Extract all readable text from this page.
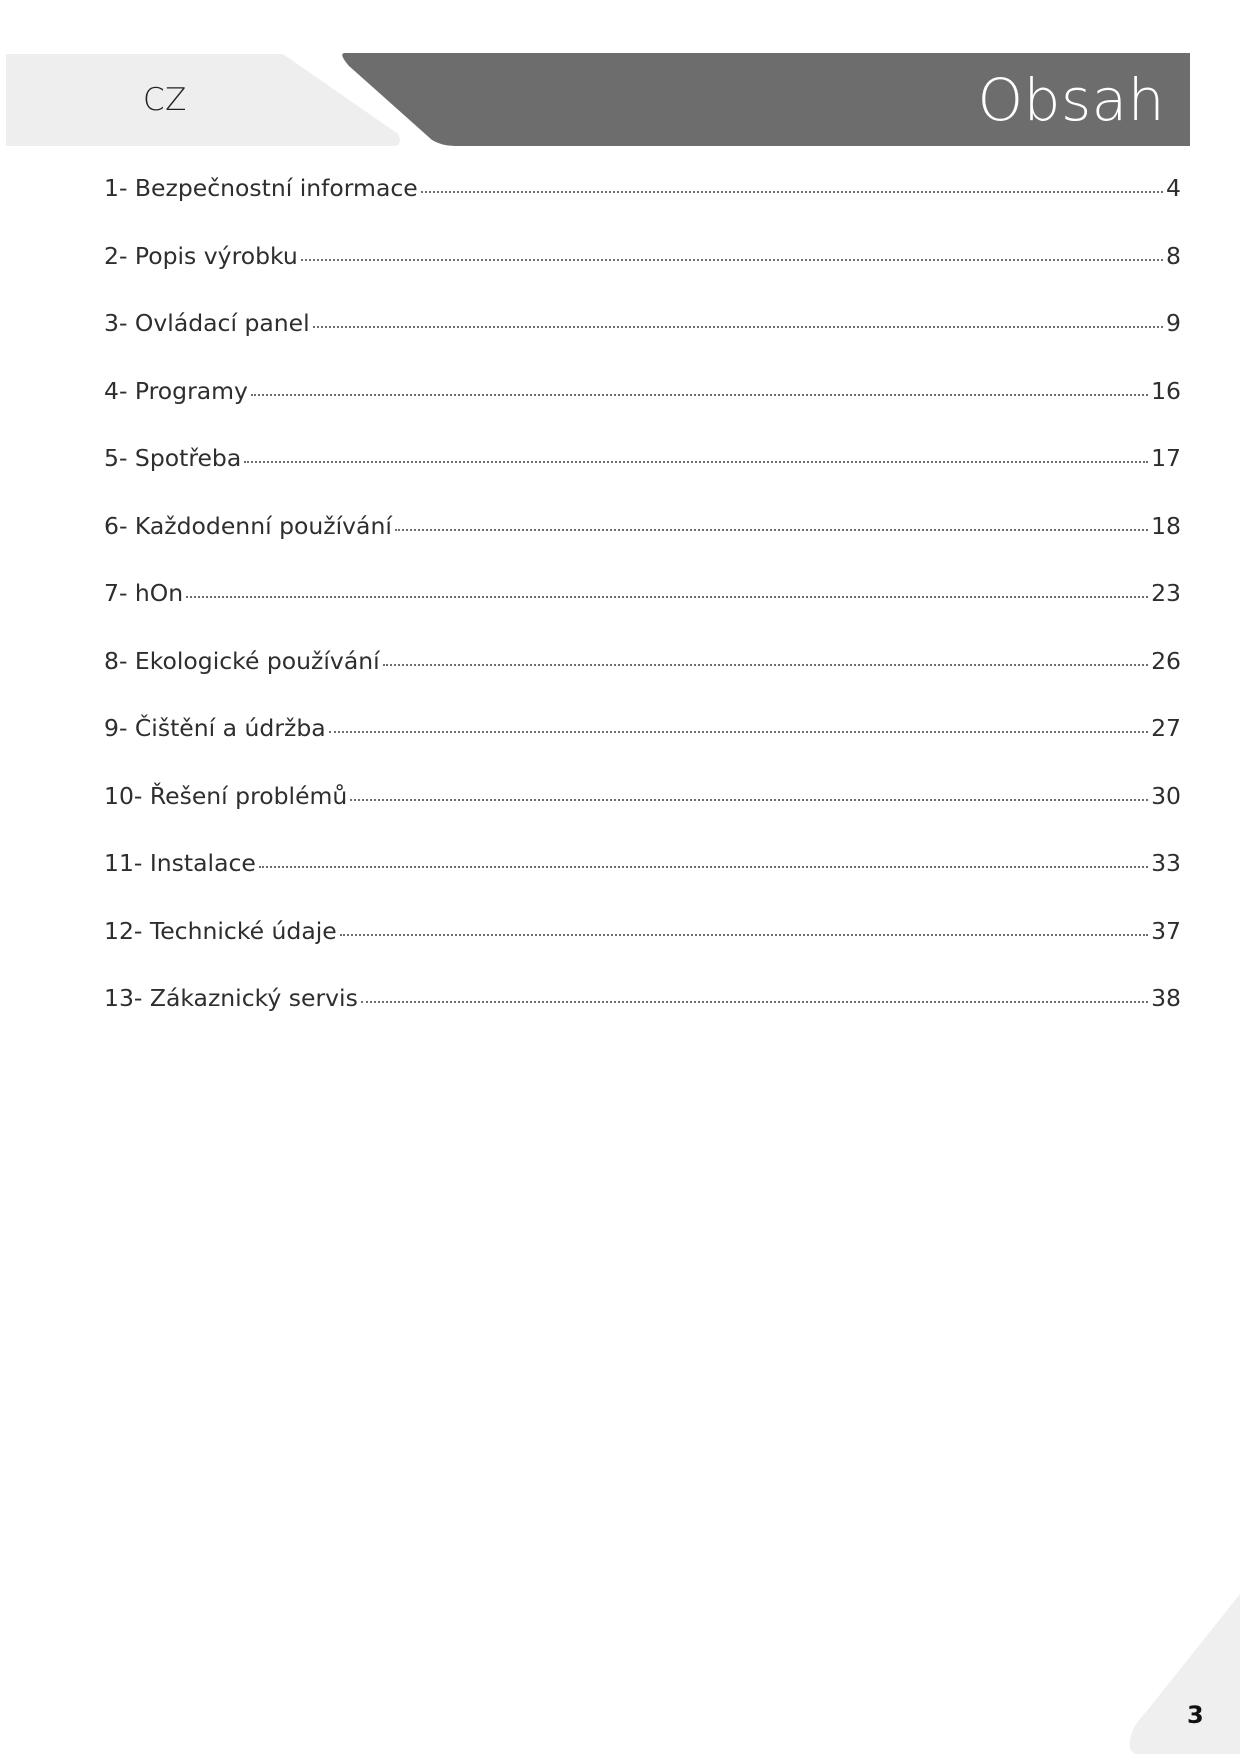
CZ	Obsah
1- Bezpečnostní informace	4
2- Popis výrobku	8
3- Ovládací panel	9
4- Programy	16
5- Spotřeba	17
6- Každodenní používání	18
7- hOn	23
8- Ekologické používání	26
9- Čištění a údržba	27
10- Řešení problémů	30
11- Instalace	33
12- Technické údaje	37
13- Zákaznický servis	38
3
